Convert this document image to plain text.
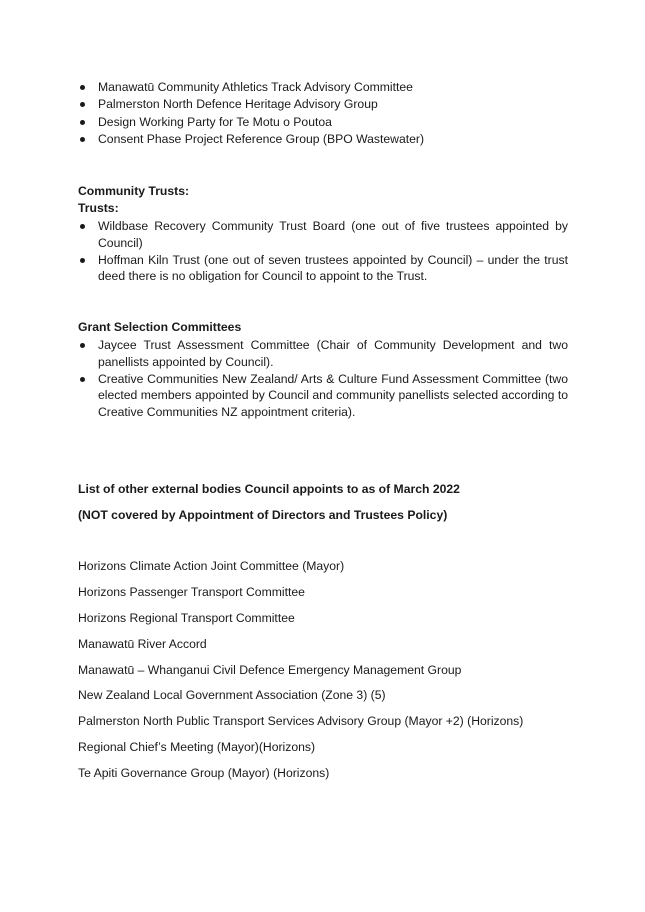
Manawatū Community Athletics Track Advisory Committee
Palmerston North Defence Heritage Advisory Group
Design Working Party for Te Motu o Poutoa
Consent Phase Project Reference Group (BPO Wastewater)

Community Trusts:

Trusts:

Wildbase Recovery Community Trust Board (one out of five trustees appointed by Council)
Hoffman Kiln Trust (one out of seven trustees appointed by Council) – under the trust deed there is no obligation for Council to appoint to the Trust.

Grant Selection Committees

Jaycee Trust Assessment Committee (Chair of Community Development and two panellists appointed by Council).
Creative Communities New Zealand/ Arts & Culture Fund Assessment Committee (two elected members appointed by Council and community panellists selected according to Creative Communities NZ appointment criteria).

List of other external bodies Council appoints to as of March 2022

(NOT covered by Appointment of Directors and Trustees Policy)

Horizons Climate Action Joint Committee (Mayor)

Horizons Passenger Transport Committee

Horizons Regional Transport Committee

Manawatū River Accord

Manawatū – Whanganui Civil Defence Emergency Management Group

New Zealand Local Government Association (Zone 3) (5)

Palmerston North Public Transport Services Advisory Group (Mayor +2) (Horizons)

Regional Chief’s Meeting (Mayor)(Horizons)

Te Apiti Governance Group (Mayor) (Horizons)
